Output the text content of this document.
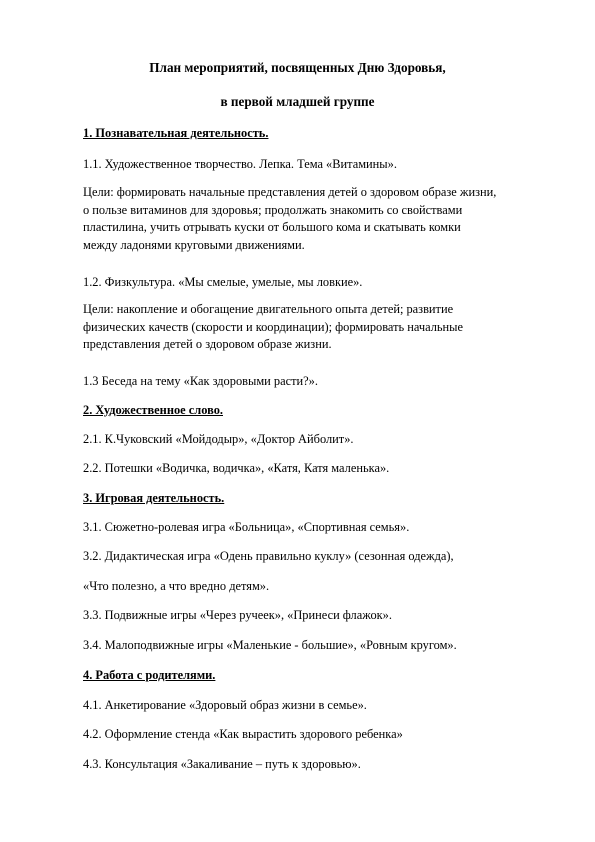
План мероприятий, посвященных Дню Здоровья,
в первой младшей группе
1. Познавательная деятельность.
1.1. Художественное творчество. Лепка. Тема «Витамины».
Цели: формировать начальные представления детей о здоровом образе жизни,
о пользе витаминов для здоровья; продолжать знакомить со свойствами
пластилина, учить отрывать куски от большого кома и скатывать комки
между ладонями круговыми движениями.
1.2. Физкультура. «Мы смелые, умелые, мы ловкие».
Цели: накопление и обогащение двигательного опыта детей; развитие
физических качеств (скорости и координации); формировать начальные
представления детей о здоровом образе жизни.
1.3 Беседа на тему «Как здоровыми расти?».
2. Художественное слово.
2.1. К.Чуковский «Мойдодыр», «Доктор Айболит».
2.2. Потешки «Водичка, водичка», «Катя, Катя маленька».
3. Игровая деятельность.
3.1. Сюжетно-ролевая игра «Больница», «Спортивная семья».
3.2. Дидактическая игра «Одень правильно куклу» (сезонная одежда),
«Что полезно, а что вредно детям».
3.3. Подвижные игры «Через ручеек», «Принеси флажок».
3.4. Малоподвижные игры «Маленькие - большие», «Ровным кругом».
4. Работа с родителями.
4.1. Анкетирование «Здоровый образ жизни в семье».
4.2. Оформление стенда «Как вырастить здорового ребенка»
4.3. Консультация «Закаливание – путь к здоровью».
